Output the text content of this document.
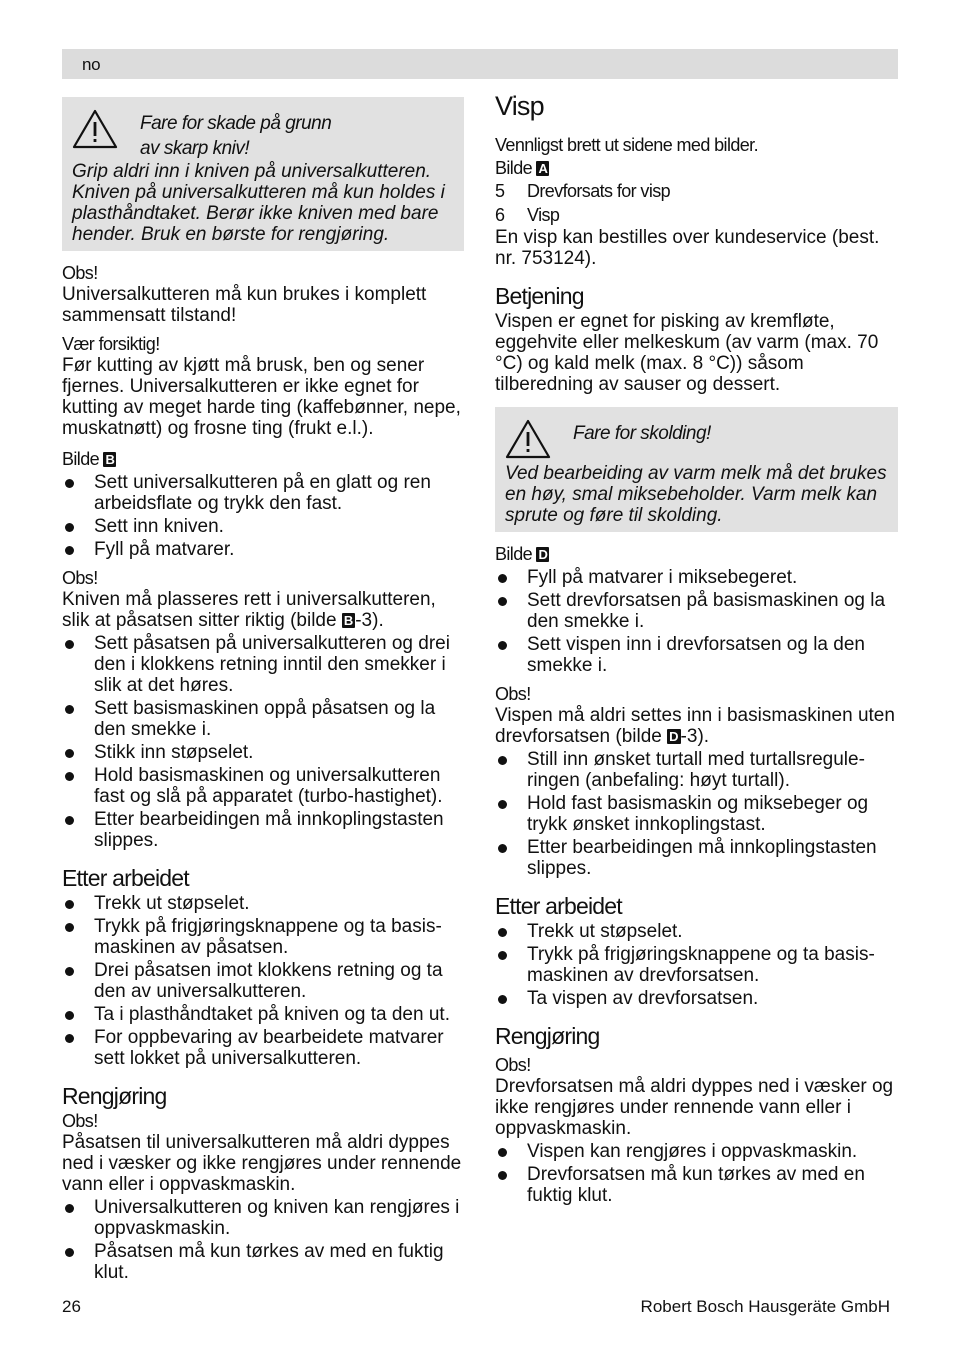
no
Fare for skade på grunn
av skarp kniv!
Grip aldri inn i kniven på universalkutteren. Kniven på universalkutteren må kun holdes i plasthåndtaket. Berør ikke kniven med bare hender. Bruk en børste for rengjøring.
Obs!

Universalkutteren må kun brukes i komplett sammensatt tilstand!

Vær forsiktig!

Før kutting av kjøtt må brusk, ben og sener fjernes. Universalkutteren er ikke egnet for kutting av meget harde ting (kaffebønner, nepe, muskatnøtt) og frosne ting (frukt e.l.).

Bilde B
Sett universalkutteren på en glatt og ren arbeidsflate og trykk den fast.
Sett inn kniven.
Fyll på matvarer.
Obs!

Kniven må plasseres rett i universalkutteren, slik at påsatsen sitter riktig (bilde B -3).

Sett påsatsen på universalkutteren og drei den i klokkens retning inntil den smekker i slik at det høres.
Sett basismaskinen oppå påsatsen og la den smekke i.
Stikk inn støpselet.
Hold basismaskinen og universalkutteren fast og slå på apparatet (turbo-hastighet).
Etter bearbeidingen må innkoplingstasten slippes.
Etter arbeidet
Trekk ut støpselet.
Trykk på frigjøringsknappene og ta basismaskinen av påsatsen.
Drei påsatsen imot klokkens retning og ta den av universalkutteren.
Ta i plasthåndtaket på kniven og ta den ut.
For oppbevaring av bearbeidete matvarer sett lokket på universalkutteren.
Rengjøring
Obs!

Påsatsen til universalkutteren må aldri dyppes ned i væsker og ikke rengjøres under rennende vann eller i oppvaskmaskin.

Universalkutteren og kniven kan rengjøres i oppvaskmaskin.
Påsatsen må kun tørkes av med en fuktig klut.
Visp
Vennligst brett ut sidene med bilder.
Bilde A
5	Drevforsats for visp
6	Visp

En visp kan bestilles over kundeservice (best. nr. 753124).

Betjening

Vispen er egnet for pisking av kremfløte, eggehvite eller melkeskum (av varm (max. 70 °C) og kald melk (max. 8 °C)) såsom tilberedning av sauser og dessert.

Fare for skolding!
Ved bearbeiding av varm melk må det brukes en høy, smal miksebeholder. Varm melk kan sprute og føre til skolding.
Bilde D
Fyll på matvarer i miksebegeret.
Sett drevforsatsen på basismaskinen og la den smekke i.
Sett vispen inn i drevforsatsen og la den smekke i.
Obs!

Vispen må aldri settes inn i basismaskinen uten drevforsatsen (bilde D -3).

Still inn ønsket turtall med turtallsreguleringen (anbefaling: høyt turtall).
Hold fast basismaskin og miksebeger og trykk ønsket innkoplingstast.
Etter bearbeidingen må innkoplingstasten slippes.
Etter arbeidet
Trekk ut støpselet.
Trykk på frigjøringsknappene og ta basismaskinen av drevforsatsen.
Ta vispen av drevforsatsen.
Rengjøring
Obs!

Drevforsatsen må aldri dyppes ned i væsker og ikke rengjøres under rennende vann eller i oppvaskmaskin.

Vispen kan rengjøres i oppvaskmaskin.
Drevforsatsen må kun tørkes av med en fuktig klut.
26	Robert Bosch Hausgeräte GmbH
